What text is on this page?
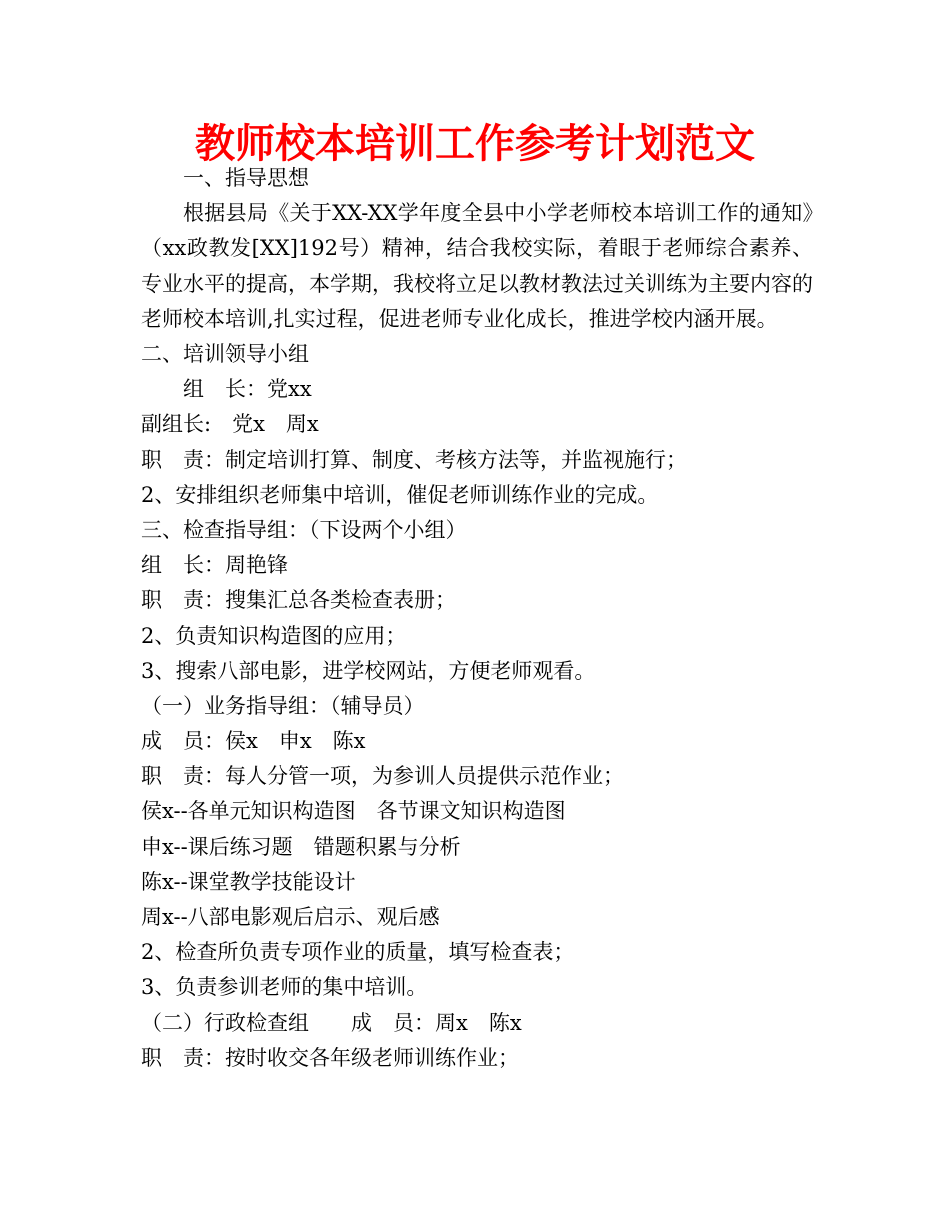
教师校本培训工作参考计划范文
一、指导思想
根据县局《关于XX-XX学年度全县中小学老师校本培训工作的通知》（xx政教发[XX]192号）精神，结合我校实际，着眼于老师综合素养、专业水平的提高，本学期，我校将立足以教材教法过关训练为主要内容的老师校本培训,扎实过程，促进老师专业化成长，推进学校内涵开展。
二、培训领导小组
组　长：党xx
副组长:　党x　周x
职　责：制定培训打算、制度、考核方法等，并监视施行；
2、安排组织老师集中培训，催促老师训练作业的完成。
三、检查指导组：（下设两个小组）
组　长：周艳锋
职　责：搜集汇总各类检查表册；
2、负责知识构造图的应用；
3、搜索八部电影，进学校网站，方便老师观看。
（一）业务指导组：（辅导员）
成　员：侯x　申x　陈x
职　责：每人分管一项，为参训人员提供示范作业；
侯x--各单元知识构造图　各节课文知识构造图
申x--课后练习题　错题积累与分析
陈x--课堂教学技能设计
周x--八部电影观后启示、观后感
2、检查所负责专项作业的质量，填写检查表；
3、负责参训老师的集中培训。
（二）行政检查组　　成　员：周x　陈x
职　责：按时收交各年级老师训练作业；
